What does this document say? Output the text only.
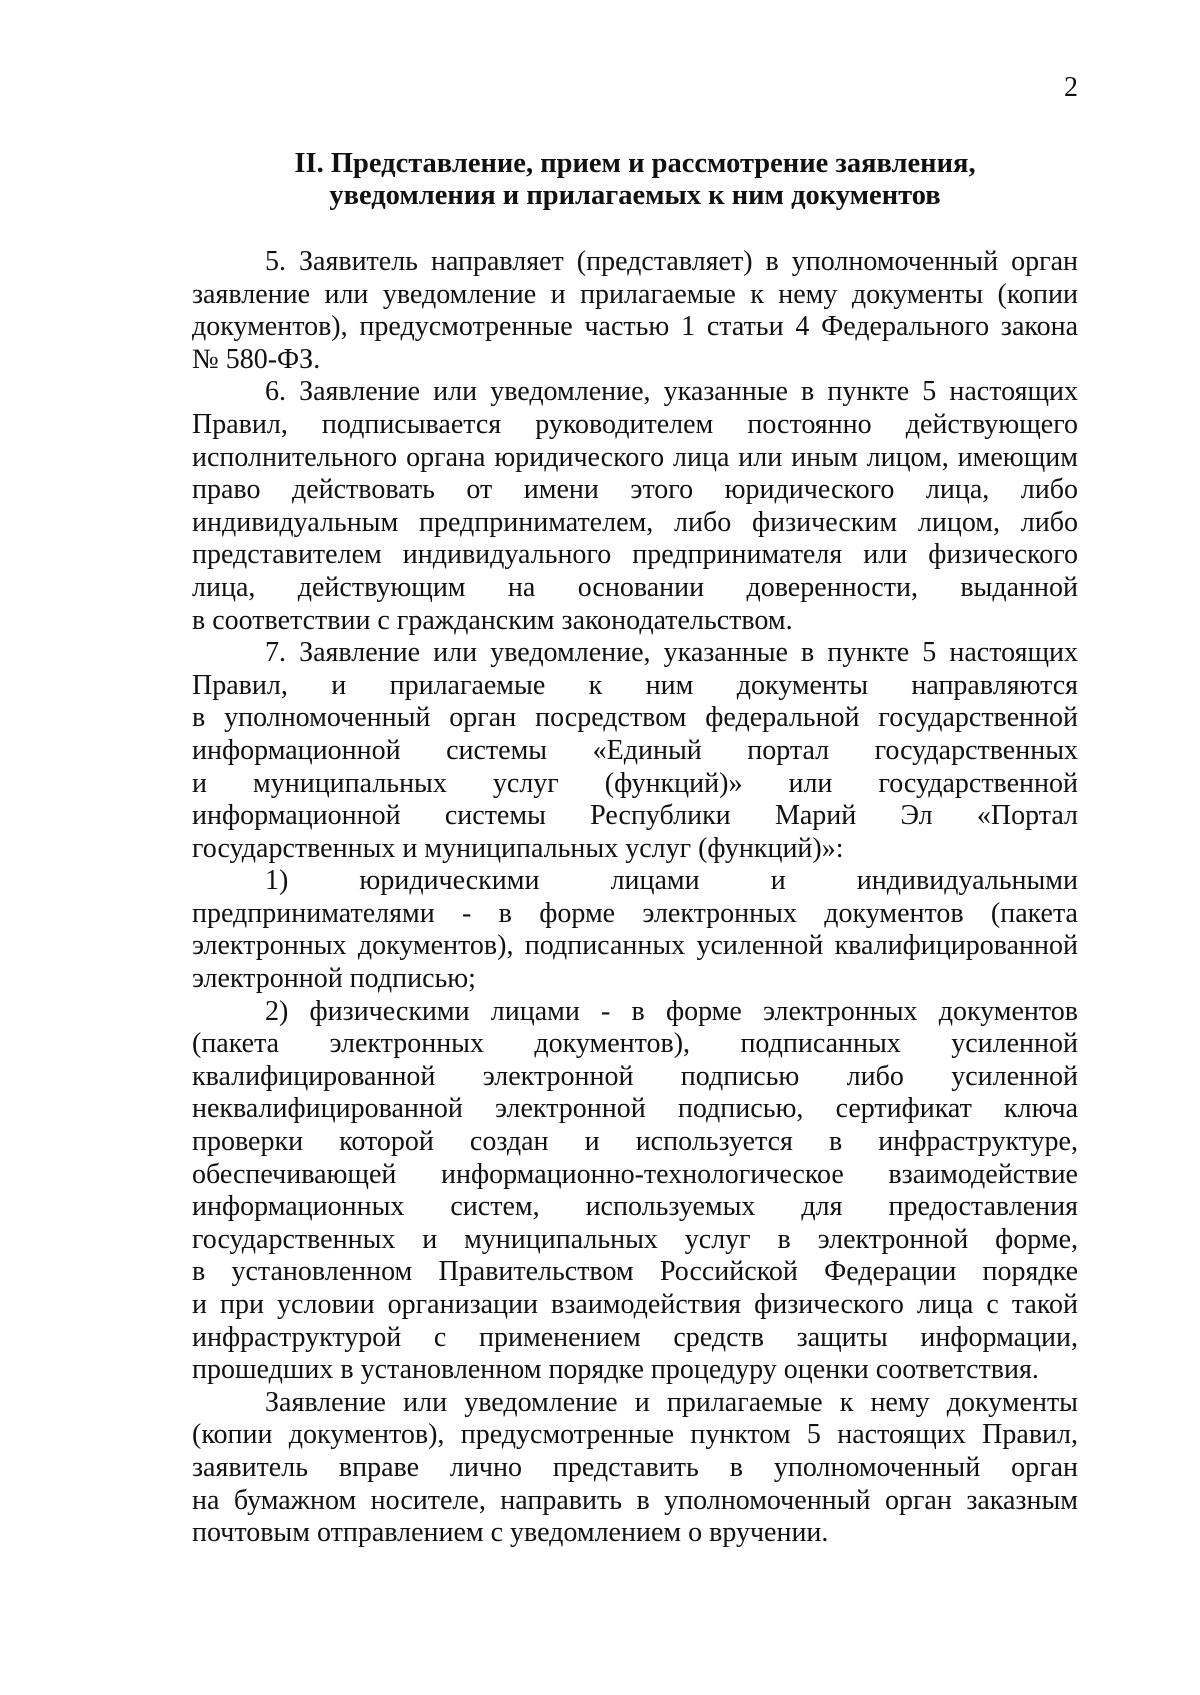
2
II. Представление, прием и рассмотрение заявления,
уведомления и прилагаемых к ним документов

5. Заявитель направляет (представляет) в уполномоченный орган
заявление или уведомление и прилагаемые к нему документы (копии
документов), предусмотренные частью 1 статьи 4 Федерального закона
№ 580-ФЗ.

6. Заявление или уведомление, указанные в пункте 5 настоящих
Правил, подписывается руководителем постоянно действующего
исполнительного органа юридического лица или иным лицом, имеющим
право действовать от имени этого юридического лица, либо
индивидуальным предпринимателем, либо физическим лицом, либо
представителем индивидуального предпринимателя или физического
лица, действующим на основании доверенности, выданной
в соответствии с гражданским законодательством.

7. Заявление или уведомление, указанные в пункте 5 настоящих
Правил, и прилагаемые к ним документы направляются
в уполномоченный орган посредством федеральной государственной
информационной системы «Единый портал государственных
и муниципальных услуг (функций)» или государственной
информационной системы Республики Марий Эл «Портал
государственных и муниципальных услуг (функций)»:

1) юридическими лицами и индивидуальными
предпринимателями - в форме электронных документов (пакета
электронных документов), подписанных усиленной квалифицированной
электронной подписью;

2) физическими лицами - в форме электронных документов
(пакета электронных документов), подписанных усиленной
квалифицированной электронной подписью либо усиленной
неквалифицированной электронной подписью, сертификат ключа
проверки которой создан и используется в инфраструктуре,
обеспечивающей информационно-технологическое взаимодействие
информационных систем, используемых для предоставления
государственных и муниципальных услуг в электронной форме,
в установленном Правительством Российской Федерации порядке
и при условии организации взаимодействия физического лица с такой
инфраструктурой с применением средств защиты информации,
прошедших в установленном порядке процедуру оценки соответствия.

Заявление или уведомление и прилагаемые к нему документы
(копии документов), предусмотренные пунктом 5 настоящих Правил,
заявитель вправе лично представить в уполномоченный орган
на бумажном носителе, направить в уполномоченный орган заказным
почтовым отправлением с уведомлением о вручении.
